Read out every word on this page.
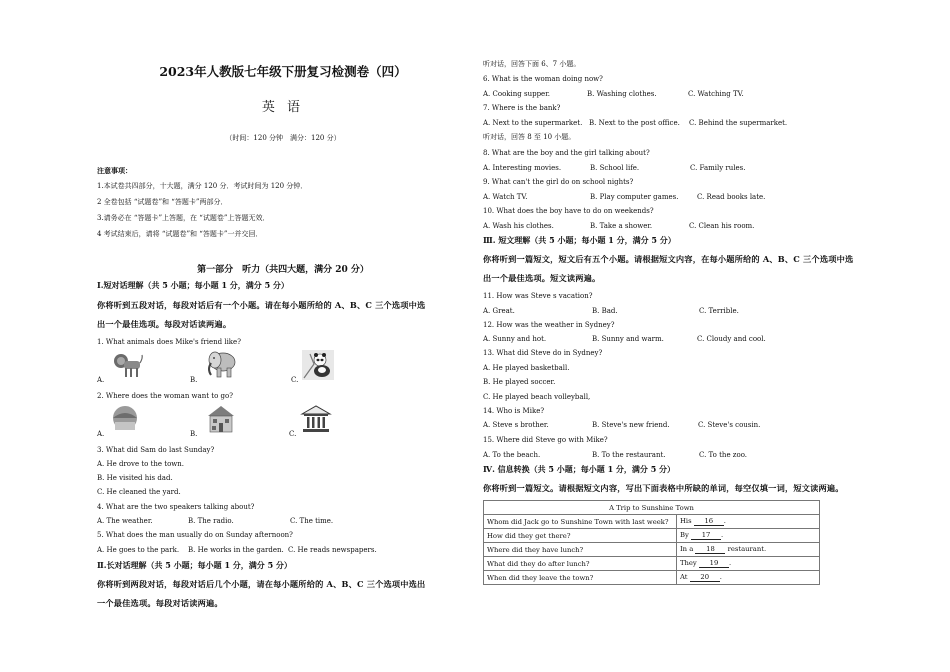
2023年人教版七年级下册复习检测卷（四）
英 语
（时间：120 分钟　满分：120 分）
注意事项：
1.本试卷共四部分，十大题，满分 120 分．考试时间为 120 分钟．
2 全卷包括 “试题卷”和 “答题卡”两部分．
3.请务必在 “答题卡”上答题，在 “试题卷”上答题无效．
4 考试结束后，请将 “试题卷”和 “答题卡”一并交回．
第一部分　听力（共四大题，满分 20 分）
Ⅰ.短对话理解（共 5 小题；每小题 1 分，满分 5 分）
你将听到五段对话，每段对话后有一个小题。请在每小题所给的 A、B、C 三个选项中选
出一个最佳选项。每段对话读两遍。
1. What animals does Mike's friend like?
A.	B.	C.
2. Where does the woman want to go?
A.	B.	C.
3. What did Sam do last Sunday?
A. He drove to the town.
B. He visited his dad.
C. He cleaned the yard.
4. What are the two speakers talking about?
A. The weather.	B. The radio.	C. The time.
5. What does the man usually do on Sunday afternoon?
A. He goes to the park. B. He works in the garden. C. He reads newspapers.
Ⅱ.长对话理解（共 5 小题；每小题 1 分，满分 5 分）
你将听到两段对话，每段对话后几个小题，请在每小题所给的 A、B、C 三个选项中选出
一个最佳选项。每段对话读两遍。
听对话，回答下面 6、7 小题。
6. What is the woman doing now?
A. Cooking supper.	B. Washing clothes.	C. Watching TV.
7. Where is the bank?
A. Next to the supermarket. B. Next to the post office. C. Behind the supermarket.
听对话，回答 8 至 10 小题。
8. What are the boy and the girl talking about?
A. Interesting movies.	B. School life.	C. Family rules.
9. What can't the girl do on school nights?
A. Watch TV.	B. Play computer games.	C. Read books late.
10. What does the boy have to do on weekends?
A. Wash his clothes.	B. Take a shower.	C. Clean his room.
Ⅲ. 短文理解（共 5 小题；每小题 1 分，满分 5 分）
你将听到一篇短文，短文后有五个小题。请根据短文内容，在每小题所给的 A、B、C 三个选项中选
出一个最佳选项。短文读两遍。
11. How was Steve s vacation?
A. Great.	B. Bad.	C. Terrible.
12. How was the weather in Sydney?
A. Sunny and hot.	B. Sunny and warm.	C. Cloudy and cool.
13. What did Steve do in Sydney?
A. He played basketball.
B. He played soccer.
C. He played beach volleyball,
14. Who is Mike?
A. Steve s brother.	B. Steve's new friend.	C. Steve's cousin.
15. Where did Steve go with Mike?
A. To the beach.	B. To the restaurant.	C. To the zoo.
Ⅳ. 信息转换（共 5 小题；每小题 1 分，满分 5 分）
你将听到一篇短文。请根据短文内容，写出下面表格中所缺的单词，每空仅填一词，短文读两遍。
A Trip to Sunshine Town	
Whom did Jack go to Sunshine Town with last week?	His 16 .
How did they get there?	By 17 .
Where did they have lunch?	In a 18 restaurant.
What did they do after lunch?	They 19 .
When did they leave the town?	At 20 .
